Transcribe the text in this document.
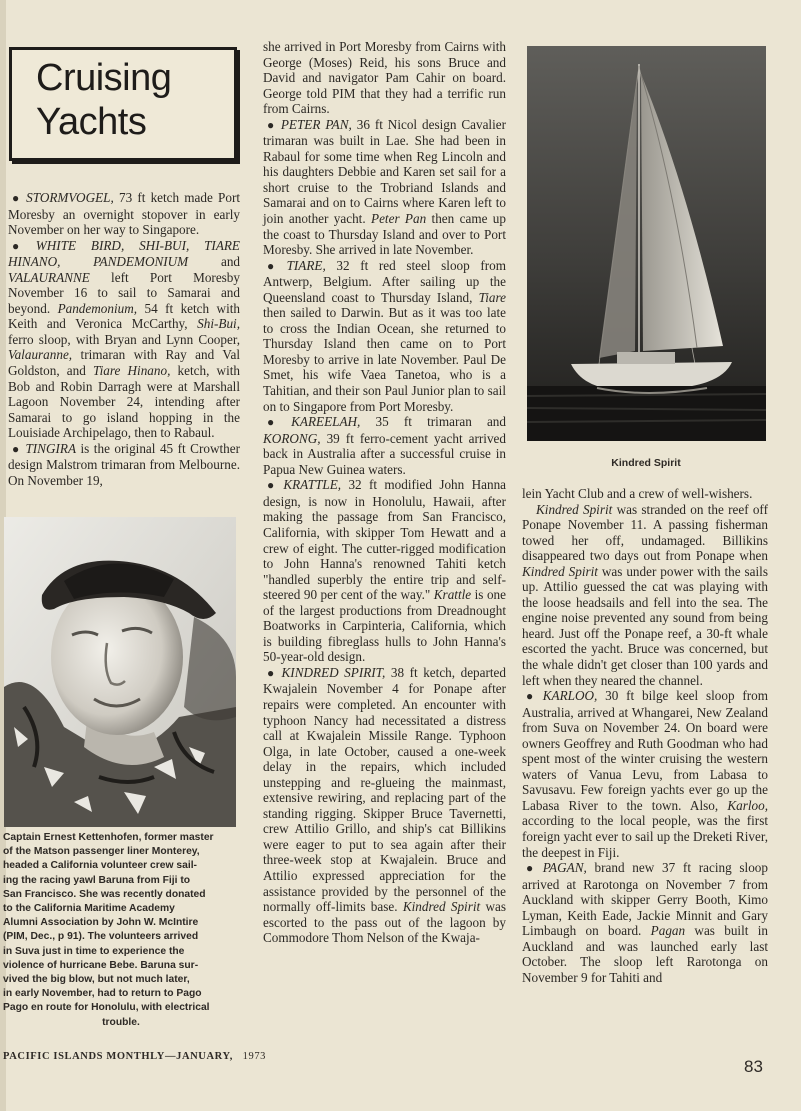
Cruising
Yachts

● STORMVOGEL, 73 ft ketch made Port Moresby an overnight stopover in early November on her way to Singapore.

● WHITE BIRD, SHI-BUI, TIARE HINANO, PANDEMONIUM and VALAURANNE left Port Moresby November 16 to sail to Samarai and beyond. Pandemonium, 54 ft ketch with Keith and Veronica McCarthy, Shi-Bui, ferro sloop, with Bryan and Lynn Cooper, Valauranne, trimaran with Ray and Val Goldston, and Tiare Hinano, ketch, with Bob and Robin Darragh were at Marshall Lagoon November 24, intending after Samarai to go island hopping in the Louisiade Archipelago, then to Rabaul.

● TINGIRA is the original 45 ft Crowther design Malstrom trimaran from Melbourne. On November 19,

Captain Ernest Kettenhofen, former master
of the Matson passenger liner Monterey,
headed a California volunteer crew sail-
ing the racing yawl Baruna from Fiji to
San Francisco. She was recently donated
to the California Maritime Academy
Alumni Association by John W. McIntire
(PIM, Dec., p 91). The volunteers arrived
in Suva just in time to experience the
violence of hurricane Bebe. Baruna sur-
vived the big blow, but not much later,
in early November, had to return to Pago
Pago en route for Honolulu, with electrical
trouble.

she arrived in Port Moresby from Cairns with George (Moses) Reid, his sons Bruce and David and navigator Pam Cahir on board. George told PIM that they had a terrific run from Cairns.

● PETER PAN, 36 ft Nicol design Cavalier trimaran was built in Lae. She had been in Rabaul for some time when Reg Lincoln and his daughters Debbie and Karen set sail for a short cruise to the Trobriand Islands and Samarai and on to Cairns where Karen left to join another yacht. Peter Pan then came up the coast to Thursday Island and over to Port Moresby. She arrived in late November.

● TIARE, 32 ft red steel sloop from Antwerp, Belgium. After sailing up the Queensland coast to Thursday Island, Tiare then sailed to Darwin. But as it was too late to cross the Indian Ocean, she returned to Thursday Island then came on to Port Moresby to arrive in late November. Paul De Smet, his wife Vaea Tanetoa, who is a Tahitian, and their son Paul Junior plan to sail on to Singapore from Port Moresby.

● KAREELAH, 35 ft trimaran and KORONG, 39 ft ferro-cement yacht arrived back in Australia after a successful cruise in Papua New Guinea waters.

● KRATTLE, 32 ft modified John Hanna design, is now in Honolulu, Hawaii, after making the passage from San Francisco, California, with skipper Tom Hewatt and a crew of eight. The cutter-rigged modification to John Hanna's renowned Tahiti ketch "handled superbly the entire trip and self-steered 90 per cent of the way." Krattle is one of the largest productions from Dreadnought Boatworks in Carpinteria, California, which is building fibreglass hulls to John Hanna's 50-year-old design.

● KINDRED SPIRIT, 38 ft ketch, departed Kwajalein November 4 for Ponape after repairs were completed. An encounter with typhoon Nancy had necessitated a distress call at Kwajalein Missile Range. Typhoon Olga, in late October, caused a one-week delay in the repairs, which included unstepping and re-glueing the mainmast, extensive rewiring, and replacing part of the standing rigging. Skipper Bruce Tavernetti, crew Attilio Grillo, and ship's cat Billikins were eager to put to sea again after their three-week stop at Kwajalein. Bruce and Attilio expressed appreciation for the assistance provided by the personnel of the normally off-limits base. Kindred Spirit was escorted to the pass out of the lagoon by Commodore Thom Nelson of the Kwaja-

Kindred Spirit

lein Yacht Club and a crew of well-wishers.

Kindred Spirit was stranded on the reef off Ponape November 11. A passing fisherman towed her off, undamaged. Billikins disappeared two days out from Ponape when Kindred Spirit was under power with the sails up. Attilio guessed the cat was playing with the loose headsails and fell into the sea. The engine noise prevented any sound from being heard. Just off the Ponape reef, a 30-ft whale escorted the yacht. Bruce was concerned, but the whale didn't get closer than 100 yards and left when they neared the channel.

● KARLOO, 30 ft bilge keel sloop from Australia, arrived at Whangarei, New Zealand from Suva on November 24. On board were owners Geoffrey and Ruth Goodman who had spent most of the winter cruising the western waters of Vanua Levu, from Labasa to Savusavu. Few foreign yachts ever go up the Labasa River to the town. Also, Karloo, according to the local people, was the first foreign yacht ever to sail up the Dreketi River, the deepest in Fiji.

● PAGAN, brand new 37 ft racing sloop arrived at Rarotonga on November 7 from Auckland with skipper Gerry Booth, Kimo Lyman, Keith Eade, Jackie Minnit and Gary Limbaugh on board. Pagan was built in Auckland and was launched early last October. The sloop left Rarotonga on November 9 for Tahiti and

PACIFIC ISLANDS MONTHLY—JANUARY, 1973
83
